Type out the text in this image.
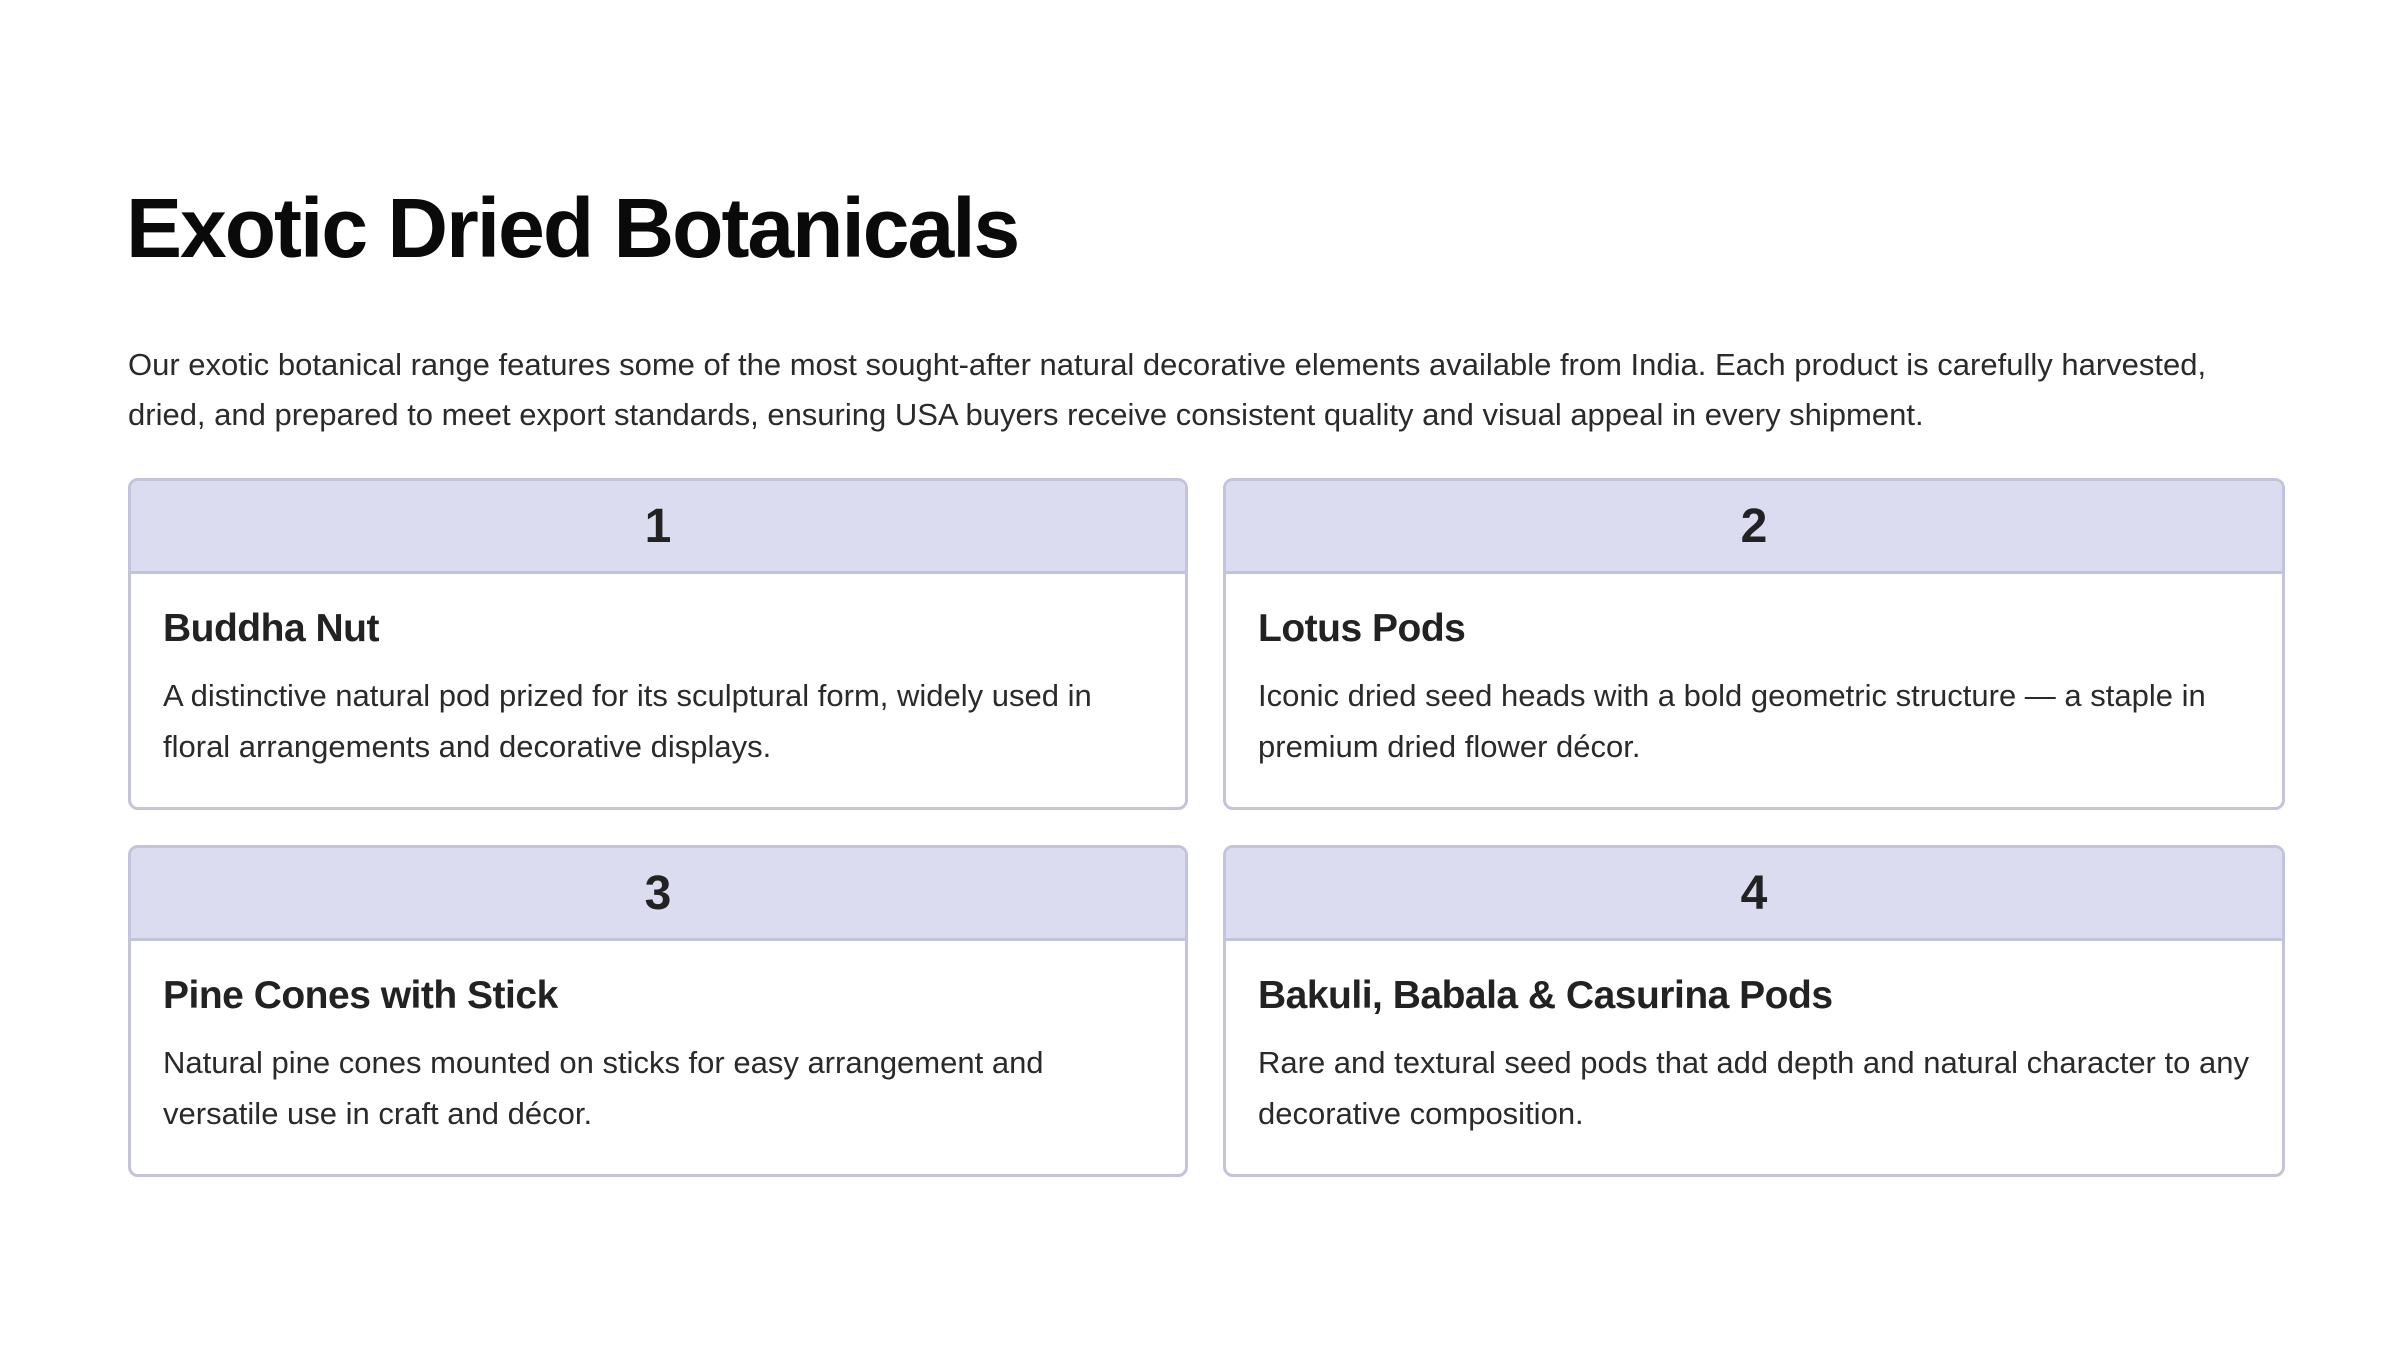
Exotic Dried Botanicals

Our exotic botanical range features some of the most sought-after natural decorative elements available from India. Each product is carefully harvested, dried, and prepared to meet export standards, ensuring USA buyers receive consistent quality and visual appeal in every shipment.

1
Buddha Nut

A distinctive natural pod prized for its sculptural form, widely used in floral arrangements and decorative displays.

2
Lotus Pods

Iconic dried seed heads with a bold geometric structure — a staple in premium dried flower décor.

3
Pine Cones with Stick

Natural pine cones mounted on sticks for easy arrangement and versatile use in craft and décor.

4
Bakuli, Babala & Casurina Pods

Rare and textural seed pods that add depth and natural character to any decorative composition.
